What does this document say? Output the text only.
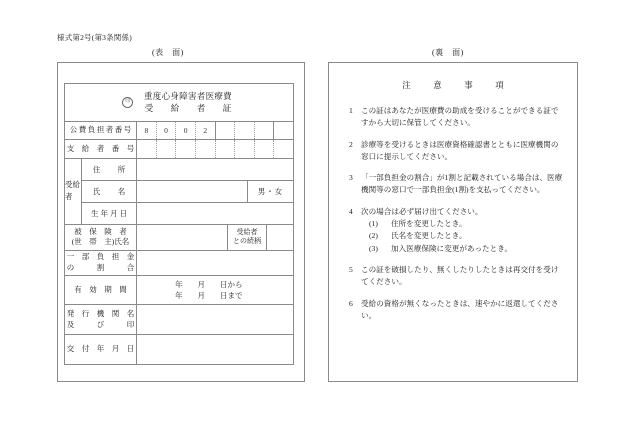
様式第2号(第3条関係)
(表　面)	(裏　面)
印
重度心身障害者医療費
受　給　者　証
公費負担者番号	8	0	0	2
支　給　者　番　号
受給者
住　所
氏　名	男・女
生年月日
被　保　険　者
(世　帯　主)氏名
受給者
との続柄
一　部　負　担　金
の　　　割　　　合
有　効　期　間
年　　月　　日から
年　　月　　日まで
発　行　機　関　名
及　　　び　　　印
交　付　年　月　日
注　意　事　項
1	この証はあなたが医療費の助成を受けることができる証ですから大切に保管してください。

2	診療等を受けるときは医療資格確認書とともに医療機関の窓口に提示してください。

3	「一部負担金の割合」が1割と記載されている場合は、医療機関等の窓口で一部負担金(1割)を支払ってください。

4	次の場合は必ず届け出てください。

(1)	住所を変更したとき。
(2)	氏名を変更したとき。
(3)	加入医療保険に変更があったとき。
5	この証を破損したり、無くしたりしたときは再交付を受けてください。

6	受給の資格が無くなったときは、速やかに返還してください。
